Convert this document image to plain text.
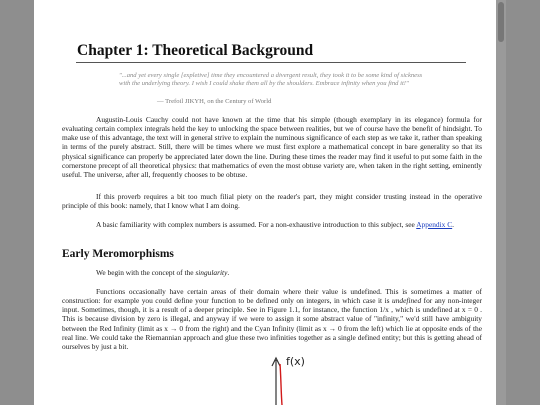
Chapter 1: Theoretical Background
"...and yet every single [expletive] time they encountered a divergent result, they took it to be some kind of sickness with the underlying theory. I wish I could shake them all by the shoulders. Embrace infinity when you find it!"
— Trefoil JIKYH, on the Century of World

Augustin-Louis Cauchy could not have known at the time that his simple (though exemplary in its elegance) formula for evaluating certain complex integrals held the key to unlocking the space between realities, but we of course have the benefit of hindsight. To make use of this advantage, the text will in general strive to explain the numinous significance of each step as we take it, rather than speaking in terms of the purely abstract. Still, there will be times where we must first explore a mathematical concept in bare generality so that its physical significance can properly be appreciated later down the line. During these times the reader may find it useful to put some faith in the cornerstone precept of all theoretical physics: that mathematics of even the most obtuse variety are, when taken in the right setting, eminently useful. The universe, after all, frequently chooses to be obtuse.

If this proverb requires a bit too much filial piety on the reader's part, they might consider trusting instead in the operative principle of this book: namely, that I know what I am doing.

A basic familiarity with complex numbers is assumed. For a non-exhaustive introduction to this subject, see Appendix C.

Early Meromorphisms

We begin with the concept of the singularity.

Functions occasionally have certain areas of their domain where their value is undefined. This is sometimes a matter of construction: for example you could define your function to be defined only on integers, in which case it is undefined for any non-integer input. Sometimes, though, it is a result of a deeper principle. See in Figure 1.1, for instance, the function 1/x , which is undefined at x = 0 . This is because division by zero is illegal, and anyway if we were to assign it some abstract value of "infinity," we'd still have ambiguity between the Red Infinity (limit as x → 0 from the right) and the Cyan Infinity (limit as x → 0 from the left) which lie at opposite ends of the real line. We could take the Riemannian approach and glue these two infinities together as a single defined entity; but this is getting ahead of ourselves by just a bit.

f(x)
